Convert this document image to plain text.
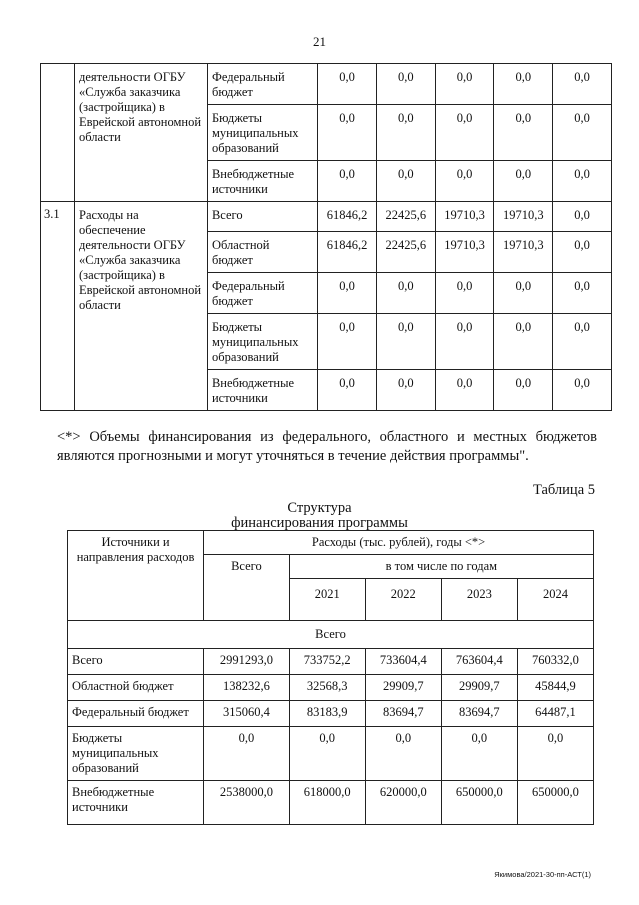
21
	деятельности ОГБУ «Служба заказчика (застройщика) в Еврейской автономной области	Федеральный бюджет	0,0	0,0	0,0	0,0	0,0
		Бюджеты муниципальных образований	0,0	0,0	0,0	0,0	0,0
		Внебюджетные источники	0,0	0,0	0,0	0,0	0,0
3.1	Расходы на обеспечение деятельности ОГБУ «Служба заказчика (застройщика) в Еврейской автономной области	Всего	61846,2	22425,6	19710,3	19710,3	0,0
		Областной бюджет	61846,2	22425,6	19710,3	19710,3	0,0
		Федеральный бюджет	0,0	0,0	0,0	0,0	0,0
		Бюджеты муниципальных образований	0,0	0,0	0,0	0,0	0,0
		Внебюджетные источники	0,0	0,0	0,0	0,0	0,0
<*> Объемы финансирования из федерального, областного и местных бюджетов являются прогнозными и могут уточняться в течение действия программы".
Таблица 5
Структура
финансирования программы
Источники и направления расходов	Расходы (тыс. рублей), годы <*>				
	Всего	в том числе по годам			
		2021	2022	2023	2024
Всего					
Всего	2991293,0	733752,2	733604,4	763604,4	760332,0
Областной бюджет	138232,6	32568,3	29909,7	29909,7	45844,9
Федеральный бюджет	315060,4	83183,9	83694,7	83694,7	64487,1
Бюджеты муниципальных образований	0,0	0,0	0,0	0,0	0,0
Внебюджетные источники	2538000,0	618000,0	620000,0	650000,0	650000,0
Якимова/2021-30-пп-АСТ(1)
